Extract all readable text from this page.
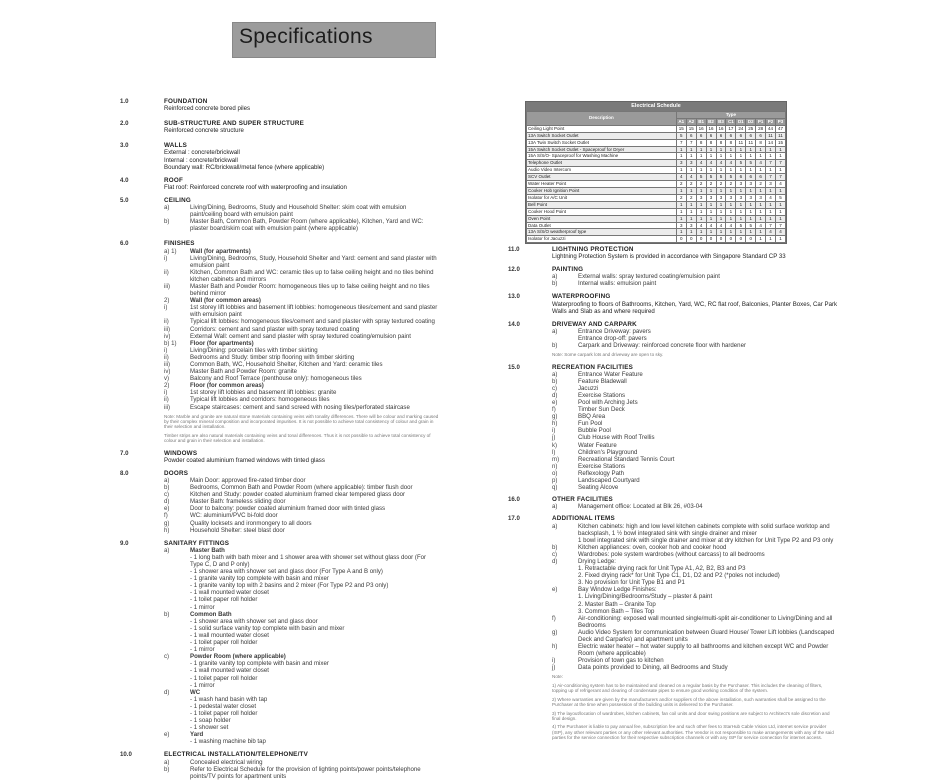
Specifications
1.0	FOUNDATION
Reinforced concrete bored piles
2.0	SUB-STRUCTURE AND SUPER STRUCTURE
Reinforced concrete structure
3.0	WALLS
External : concrete/brickwall
Internal : concrete/brickwall
Boundary wall: RC/brickwall/metal fence (where applicable)
4.0	ROOF
Flat roof: Reinforced concrete roof with waterproofing and insulation
5.0	CEILING
a)	Living/Dining, Bedrooms, Study and Household Shelter: skim coat with emulsion paint/ceiling board with emulsion paint
b)	Master Bath, Common Bath, Powder Room (where applicable), Kitchen, Yard and WC: plaster board/skim coat with emulsion paint (where applicable)
6.0	FINISHES
a) 1)	Wall (for apartments)
i)	Living/Dining, Bedrooms, Study, Household Shelter and Yard: cement and sand plaster with emulsion paint
ii)	Kitchen, Common Bath and WC: ceramic tiles up to false ceiling height and no tiles behind kitchen cabinets and mirrors
iii)	Master Bath and Powder Room: homogeneous tiles up to false ceiling height and no tiles behind mirror
2)	Wall (for common areas)
i)	1st storey lift lobbies and basement lift lobbies: homogeneous tiles/cement and sand plaster with emulsion paint
ii)	Typical lift lobbies: homogeneous tiles/cement and sand plaster with spray textured coating
iii)	Corridors: cement and sand plaster with spray textured coating
iv)	External Wall: cement and sand plaster with spray textured coating/emulsion paint
b) 1)	Floor (for apartments)
i)	Living/Dining: porcelain tiles with timber skirting
ii)	Bedrooms and Study: timber strip flooring with timber skirting
iii)	Common Bath, WC, Household Shelter, Kitchen and Yard: ceramic tiles
iv)	Master Bath and Powder Room: granite
v)	Balcony and Roof Terrace (penthouse only): homogeneous tiles
2)	Floor (for common areas)
i)	1st storey lift lobbies and basement lift lobbies: granite
ii)	Typical lift lobbies and corridors: homogeneous tiles
iii)	Escape staircases: cement and sand screed with nosing tiles/perforated staircase
Note: Marble and granite are natural stone materials containing veins with tonality differences. There will be colour and marking caused by their complex mineral composition and incorporated impurities. It is not possible to achieve total consistency of colour and grain in their selection and installation.
Timber strips are also natural materials containing veins and tonal differences. Thus it is not possible to achieve total consistency of colour and grain in their selection and installation.
7.0	WINDOWS
Powder coated aluminium framed windows with tinted glass
8.0	DOORS
a)	Main Door: approved fire-rated timber door
b)	Bedrooms, Common Bath and Powder Room (where applicable): timber flush door
c)	Kitchen and Study: powder coated aluminium framed clear tempered glass door
d)	Master Bath: frameless sliding door
e)	Door to balcony: powder coated aluminium framed door with tinted glass
f)	WC: aluminium/PVC bi-fold door
g)	Quality locksets and ironmongery to all doors
h)	Household Shelter: steel blast door
9.0	SANITARY FITTINGS
a)	Master Bath
- 1 long bath with bath mixer and 1 shower area with shower set without glass door (For Type C, D and P only)
- 1 shower area with shower set and glass door (For Type A and B only)
- 1 granite vanity top complete with basin and mixer
- 1 granite vanity top with 2 basins and 2 mixer (For Type P2 and P3 only)
- 1 wall mounted water closet
- 1 toilet paper roll holder
- 1 mirror
b)	Common Bath
- 1 shower area with shower set and glass door
- 1 solid surface vanity top complete with basin and mixer
- 1 wall mounted water closet
- 1 toilet paper roll holder
- 1 mirror
c)	Powder Room (where applicable)
- 1 granite vanity top complete with basin and mixer
- 1 wall mounted water closet
- 1 toilet paper roll holder
- 1 mirror
d)	WC
- 1 wash hand basin with tap
- 1 pedestal water closet
- 1 toilet paper roll holder
- 1 soap holder
- 1 shower set
e)	Yard
- 1 washing machine bib tap
10.0	ELECTRICAL INSTALLATION/TELEPHONE/TV
a)	Concealed electrical wiring
b)	Refer to Electrical Schedule for the provision of lighting points/power points/telephone points/TV points for apartment units
Electrical Schedule
Description	Type										
	A1	A2	B1	B2	B3	C1	D1	D2	P1	P2	P3
Ceiling Light Point	15	15	16	16	16	17	24	25	28	44	47
13A Switch Socket Outlet	5	6	6	6	6	6	6	6	6	11	11
13A Twin Switch Socket Outlet	7	7	8	8	8	8	11	11	8	14	15
15A Switch Socket Outlet - Spaceproof for Dryer	1	1	1	1	1	1	1	1	1	1	1
15A S/S/O- Spaceproof for Washing Machine	1	1	1	1	1	1	1	1	1	1	1
Telephone Outlet	3	3	4	4	4	4	5	5	4	7	7
Audio Video Intercom	1	1	1	1	1	1	1	1	1	1	1
SCV Outlet	4	4	5	5	5	5	6	6	6	7	7
Water Heater Point	2	2	2	2	2	2	3	3	2	3	4
Cooker Hob Ignition Point	1	1	1	1	1	1	1	1	1	1	1
Isolator for A/C Unit	2	2	3	3	3	3	3	3	3	4	5
Bell Point	1	1	1	1	1	1	1	1	1	1	1
Cooker Hood Point	1	1	1	1	1	1	1	1	1	1	1
Oven Point	1	1	1	1	1	1	1	1	1	1	1
Data Outlet	3	3	4	4	4	4	5	5	4	7	7
13A S/S/O weatherproof type	1	1	1	1	1	1	1	1	1	4	4
Isolator for Jacuzzi	0	0	0	0	0	0	0	0	1	1	1
11.0	LIGHTNING PROTECTION
Lightning Protection System is provided in accordance with Singapore Standard CP 33
12.0	PAINTING
a)	External walls: spray textured coating/emulsion paint
b)	Internal walls: emulsion paint
13.0	WATERPROOFING
Waterproofing to floors of Bathrooms, Kitchen, Yard, WC, RC flat roof, Balconies, Planter Boxes, Car Park Walls and Slab as and where required
14.0	DRIVEWAY AND CARPARK
a)	Entrance Driveway: pavers
Entrance drop-off: pavers
b)	Carpark and Driveway: reinforced concrete floor with hardener
Note: Some carpark lots and driveway are open to sky.
15.0	RECREATION FACILITIES
a)	Entrance Water Feature
b)	Feature Bladewall
c)	Jacuzzi
d)	Exercise Stations
e)	Pool with Arching Jets
f)	Timber Sun Deck
g)	BBQ Area
h)	Fun Pool
i)	Bubble Pool
j)	Club House with Roof Trellis
k)	Water Feature
l)	Children's Playground
m)	Recreational Standard Tennis Court
n)	Exercise Stations
o)	Reflexology Path
p)	Landscaped Courtyard
q)	Seating Alcove
16.0	OTHER FACILITIES
a)	Management office: Located at Blk 26, #03-04
17.0	ADDITIONAL ITEMS
a)	Kitchen cabinets: high and low level kitchen cabinets complete with solid surface worktop and backsplash, 1 ½ bowl integrated sink with single drainer and mixer
1 bowl integrated sink with single drainer and mixer at dry kitchen for Unit Type P2 and P3 only
b)	Kitchen appliances: oven, cooker hob and cooker hood
c)	Wardrobes: pole system wardrobes (without carcass) to all bedrooms
d)	Drying Ledge:
1. Retractable drying rack for Unit Type A1, A2, B2, B3 and P3
2. Fixed drying rack* for Unit Type C1, D1, D2 and P2 (*poles not included)
3. No provision for Unit Type B1 and P1
e)	Bay Window Ledge Finishes:
1. Living/Dining/Bedrooms/Study – plaster & paint
2. Master Bath – Granite Top
3. Common Bath – Tiles Top
f)	Air-conditioning: exposed wall mounted single/multi-split air-conditioner to Living/Dining and all Bedrooms
g)	Audio Video System for communication between Guard House/ Tower Lift lobbies (Landscaped Deck and Carparks) and apartment units
h)	Electric water heater – hot water supply to all bathrooms and kitchen except WC and Powder Room (where applicable)
i)	Provision of town gas to kitchen
j)	Data points provided to Dining, all Bedrooms and Study
Note:
1) Air-conditioning system has to be maintained and cleaned on a regular basis by the Purchaser. This includes the cleaning of filters, topping up of refrigerant and clearing of condensate pipes to ensure good working condition of the system.
2) Where warranties are given by the manufacturers and/or suppliers of the above installation, such warranties shall be assigned to the Purchaser at the time when possession of the building units is delivered to the Purchaser.
3) The layout/location of wardrobes, kitchen cabinets, fan coil units and door swing positions are subject to Architect's sole discretion and final design.
4) The Purchaser is liable to pay annual fee, subscription fee and such other fees to StarHub Cable Vision Ltd, internet service provider (ISP), any other relevant parties or any other relevant authorities. The Vendor is not responsible to make arrangements with any of the said parties for the service connection for their respective subscription channels or with any ISP for service connection for internet access.
